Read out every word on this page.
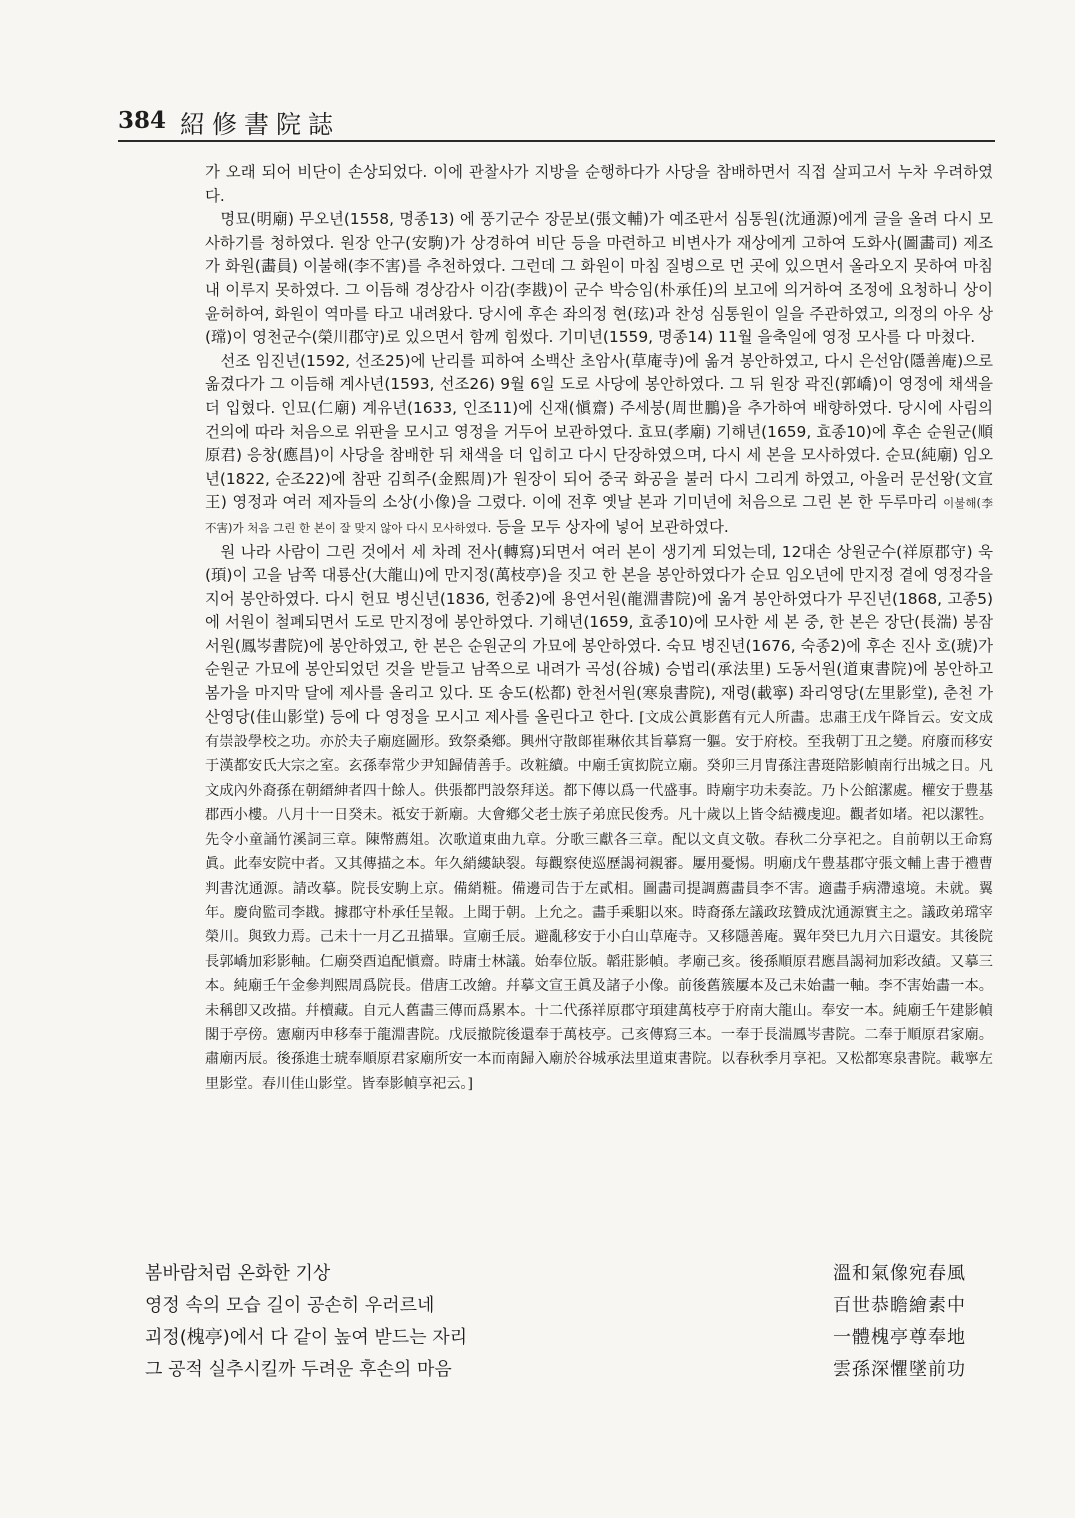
384 紹修書院誌

가 오래 되어 비단이 손상되었다. 이에 관찰사가 지방을 순행하다가 사당을 참배하면서 직접 살피고서 누차 우려하였다.

명묘(明廟) 무오년(1558, 명종13) 에 풍기군수 장문보(張文輔)가 예조판서 심통원(沈通源)에게 글을 올려 다시 모사하기를 청하였다. 원장 안구(安駒)가 상경하여 비단 등을 마련하고 비변사가 재상에게 고하여 도화사(圖畵司) 제조가 화원(畵員) 이불해(李不害)를 추천하였다. 그런데 그 화원이 마침 질병으로 먼 곳에 있으면서 올라오지 못하여 마침내 이루지 못하였다. 그 이듬해 경상감사 이감(李戡)이 군수 박승임(朴承任)의 보고에 의거하여 조정에 요청하니 상이 윤허하여, 화원이 역마를 타고 내려왔다. 당시에 후손 좌의정 현(玹)과 찬성 심통원이 일을 주관하였고, 의정의 아우 상(瑺)이 영천군수(榮川郡守)로 있으면서 함께 힘썼다. 기미년(1559, 명종14) 11월 을축일에 영정 모사를 다 마쳤다.

선조 임진년(1592, 선조25)에 난리를 피하여 소백산 초암사(草庵寺)에 옮겨 봉안하였고, 다시 은선암(隱善庵)으로 옮겼다가 그 이듬해 계사년(1593, 선조26) 9월 6일 도로 사당에 봉안하였다. 그 뒤 원장 곽진(郭嶠)이 영정에 채색을 더 입혔다. 인묘(仁廟) 계유년(1633, 인조11)에 신재(愼齋) 주세붕(周世鵬)을 추가하여 배향하였다. 당시에 사림의 건의에 따라 처음으로 위판을 모시고 영정을 거두어 보관하였다. 효묘(孝廟) 기해년(1659, 효종10)에 후손 순원군(順原君) 응창(應昌)이 사당을 참배한 뒤 채색을 더 입히고 다시 단장하였으며, 다시 세 본을 모사하였다. 순묘(純廟) 임오년(1822, 순조22)에 참판 김희주(金熙周)가 원장이 되어 중국 화공을 불러 다시 그리게 하였고, 아울러 문선왕(文宣王) 영정과 여러 제자들의 소상(小像)을 그렸다. 이에 전후 옛날 본과 기미년에 처음으로 그린 본 한 두루마리 이불해(李不害)가 처음 그린 한 본이 잘 맞지 않아 다시 모사하였다. 등을 모두 상자에 넣어 보관하였다.

원 나라 사람이 그린 것에서 세 차례 전사(轉寫)되면서 여러 본이 생기게 되었는데, 12대손 상원군수(祥原郡守) 욱(頊)이 고을 남쪽 대룡산(大龍山)에 만지정(萬枝亭)을 짓고 한 본을 봉안하였다가 순묘 임오년에 만지정 곁에 영정각을 지어 봉안하였다. 다시 헌묘 병신년(1836, 헌종2)에 용연서원(龍淵書院)에 옮겨 봉안하였다가 무진년(1868, 고종5)에 서원이 철폐되면서 도로 만지정에 봉안하였다. 기해년(1659, 효종10)에 모사한 세 본 중, 한 본은 장단(長湍) 봉잠서원(鳳岑書院)에 봉안하였고, 한 본은 순원군의 가묘에 봉안하였다. 숙묘 병진년(1676, 숙종2)에 후손 진사 호(琥)가 순원군 가묘에 봉안되었던 것을 받들고 남쪽으로 내려가 곡성(谷城) 승법리(承法里) 도동서원(道東書院)에 봉안하고 봄가을 마지막 달에 제사를 올리고 있다. 또 송도(松都) 한천서원(寒泉書院), 재령(載寧) 좌리영당(左里影堂), 춘천 가산영당(佳山影堂) 등에 다 영정을 모시고 제사를 올린다고 한다. [文成公眞影舊有元人所畵。忠肅王戊午降旨云。安文成有崇設學校之功。亦於夫子廟庭圖形。致祭桑鄕。興州守散郞崔琳依其旨摹寫一軀。安于府校。至我朝丁丑之變。府廢而移安于漢都安氏大宗之室。玄孫奉常少尹知歸倩善手。改粧續。中廟壬寅抝院立廟。癸卯三月冑孫注書珽陪影幀南行出城之日。凡文成內外裔孫在朝縉紳者四十餘人。供張都門設祭拜送。都下傳以爲一代盛事。時廟宇功未奏訖。乃卜公館潔處。權安于豊基郡西小樓。八月十一日癸未。祗安于新廟。大會鄕父老士族子弟庶民俊秀。凡十歲以上皆令結襪虔迎。觀者如堵。祀以潔牲。先令小童誦竹溪詞三章。陳幣薦俎。次歌道東曲九章。分歌三獻各三章。配以文貞文敬。春秋二分享祀之。自前朝以王命寫眞。此奉安院中者。又其傳描之本。年久綃縷缺裂。每觀察使巡歷謁祠親審。屢用憂惕。明廟戊午豊基郡守張文輔上書于禮曹判書沈通源。請改摹。院長安駒上京。備綃糚。備邊司告于左貳相。圖畵司提調薦畵員李不害。適畵手病滯遠境。未就。翼年。慶尙監司李戡。據郡守朴承任呈報。上聞于朝。上允之。畵手乘馹以來。時裔孫左議政玹贊成沈通源實主之。議政弟瑺宰榮川。與致力焉。己未十一月乙丑描畢。宣廟壬辰。避亂移安于小白山草庵寺。又移隱善庵。翼年癸巳九月六日還安。其後院長郭嶠加彩影軸。仁廟癸酉追配愼齋。時庸士林議。始奉位版。韜莊影幀。孝廟己亥。後孫順原君應昌謁祠加彩改績。又摹三本。純廟壬午金參判熙周爲院長。借唐工改繪。幷摹文宣王眞及諸子小像。前後舊簇屢本及己未始畵一軸。李不害始畵一本。未稱卽又改描。幷櫝藏。自元人舊畵三傳而爲累本。十二代孫祥原郡守頊建萬枝亭于府南大龍山。奉安一本。純廟壬午建影幀閣于亭傍。憲廟丙申移奉于龍淵書院。戊辰撤院後還奉于萬枝亭。己亥傳寫三本。一奉于長湍鳳岑書院。二奉于順原君家廟。肅廟丙辰。後孫進士琥奉順原君家廟所安一本而南歸入廟於谷城承法里道東書院。以春秋季月享祀。又松都寒泉書院。載寧左里影堂。春川佳山影堂。皆奉影幀享祀云。]

봄바람처럼 온화한 기상
영정 속의 모습 길이 공손히 우러르네
괴정(槐亭)에서 다 같이 높여 받드는 자리
그 공적 실추시킬까 두려운 후손의 마음
溫和氣像宛春風
百世恭瞻繪素中
一體槐亭尊奉地
雲孫深懼墜前功
